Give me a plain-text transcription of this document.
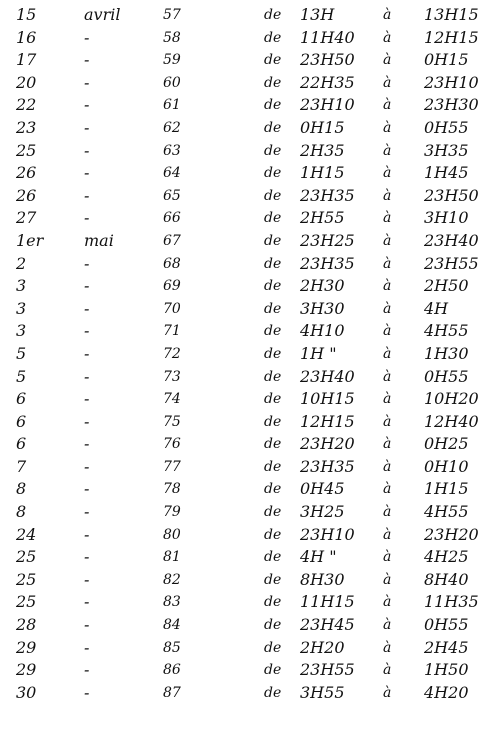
15	avril	57	de 13H	à 13H15
16	-	58	de 11H40 à 12H15
17	-	59	de 23H50 à 0H15
20	-	60	de 22H35 à 23H10
22	-	61	de 23H10 à 23H30
23	-	62	de 0H15	à 0H55
25	-	63	de 2H35	à 3H35
26	-	64	de 1H15	à 1H45
26	-	65	de 23H35 à 23H50
27	-	66	de 2H55	à 3H10
1er	mai	67	de 23H25 à 23H40
2	-	68	de 23H35 à 23H55
3	-	69	de 2H30	à 2H50
3	-	70	de 3H30	à 4H
3	-	71	de 4H10	à 4H55
5	-	72	de 1H "	à 1H30
5	-	73	de 23H40 à 0H55
6	-	74	de 10H15 à 10H20
6	-	75	de 12H15 à 12H40
6	-	76	de 23H20 à 0H25
7	-	77	de 23H35 à 0H10
8	-	78	de 0H45	à 1H15
8	-	79	de 3H25	à 4H55
24	-	80	de 23H10 à 23H20
25	-	81	de 4H "	à 4H25
25	-	82	de 8H30	à 8H40
25	-	83	de 11H15 à 11H35
28	-	84	de 23H45 à 0H55
29	-	85	de 2H20	à 2H45
29	-	86	de 23H55 à 1H50
30	-	87	de 3H55	à 4H20
